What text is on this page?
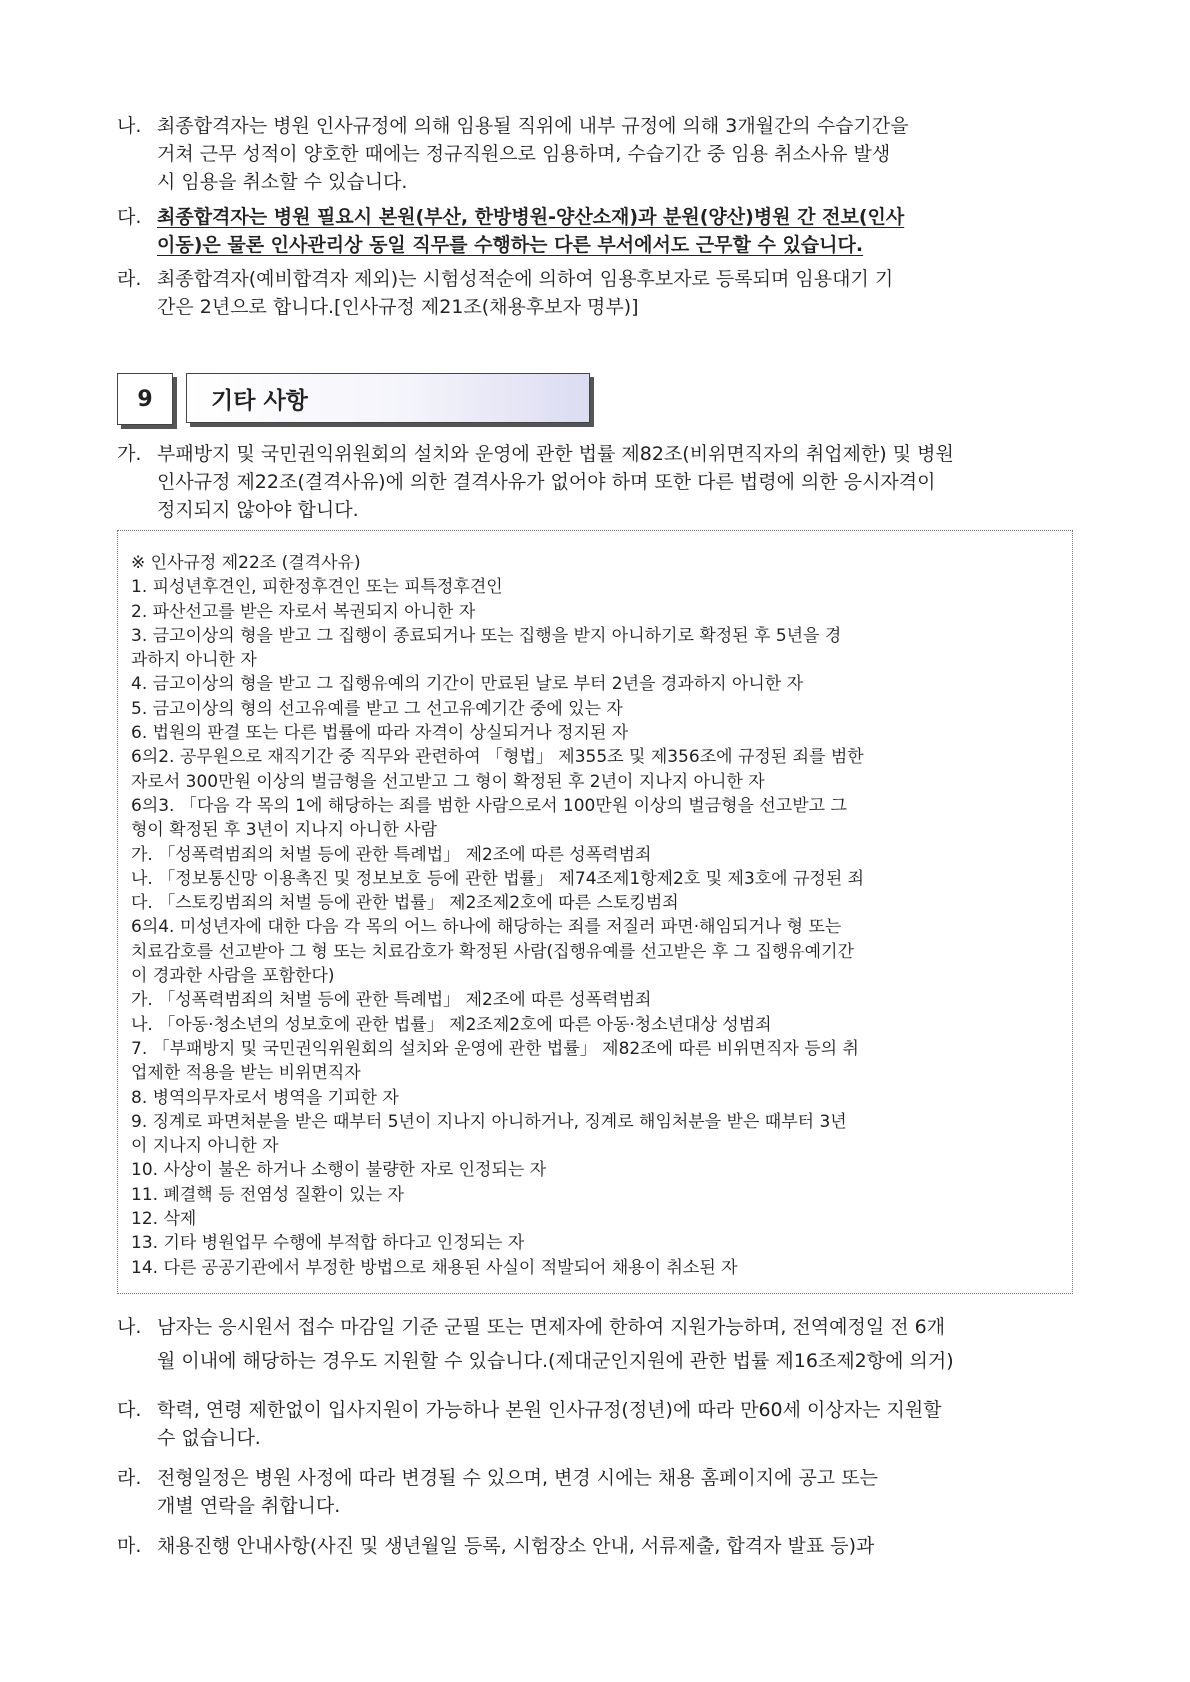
나. 최종합격자는 병원 인사규정에 의해 임용될 직위에 내부 규정에 의해 3개월간의 수습기간을
거쳐 근무 성적이 양호한 때에는 정규직원으로 임용하며, 수습기간 중 임용 취소사유 발생
시 임용을 취소할 수 있습니다.
다. 최종합격자는 병원 필요시 본원(부산, 한방병원-양산소재)과 분원(양산)병원 간 전보(인사
이동)은 물론 인사관리상 동일 직무를 수행하는 다른 부서에서도 근무할 수 있습니다.
라. 최종합격자(예비합격자 제외)는 시험성적순에 의하여 임용후보자로 등록되며 임용대기 기
간은 2년으로 합니다.[인사규정 제21조(채용후보자 명부)]
9	기타 사항
가. 부패방지 및 국민권익위원회의 설치와 운영에 관한 법률 제82조(비위면직자의 취업제한) 및 병원
인사규정 제22조(결격사유)에 의한 결격사유가 없어야 하며 또한 다른 법령에 의한 응시자격이
정지되지 않아야 합니다.
※ 인사규정 제22조 (결격사유)
1. 피성년후견인, 피한정후견인 또는 피특정후견인
2. 파산선고를 받은 자로서 복권되지 아니한 자
3. 금고이상의 형을 받고 그 집행이 종료되거나 또는 집행을 받지 아니하기로 확정된 후 5년을 경
과하지 아니한 자
4. 금고이상의 형을 받고 그 집행유예의 기간이 만료된 날로 부터 2년을 경과하지 아니한 자
5. 금고이상의 형의 선고유예를 받고 그 선고유예기간 중에 있는 자
6. 법원의 판결 또는 다른 법률에 따라 자격이 상실되거나 정지된 자
6의2. 공무원으로 재직기간 중 직무와 관련하여 「형법」 제355조 및 제356조에 규정된 죄를 범한
자로서 300만원 이상의 벌금형을 선고받고 그 형이 확정된 후 2년이 지나지 아니한 자
6의3. 「다음 각 목의 1에 해당하는 죄를 범한 사람으로서 100만원 이상의 벌금형을 선고받고 그
형이 확정된 후 3년이 지나지 아니한 사람
가. 「성폭력범죄의 처벌 등에 관한 특례법」 제2조에 따른 성폭력범죄
나. 「정보통신망 이용촉진 및 정보보호 등에 관한 법률」 제74조제1항제2호 및 제3호에 규정된 죄
다. 「스토킹범죄의 처벌 등에 관한 법률」 제2조제2호에 따른 스토킹범죄
6의4. 미성년자에 대한 다음 각 목의 어느 하나에 해당하는 죄를 저질러 파면·해임되거나 형 또는
치료감호를 선고받아 그 형 또는 치료감호가 확정된 사람(집행유예를 선고받은 후 그 집행유예기간
이 경과한 사람을 포함한다)
가. 「성폭력범죄의 처벌 등에 관한 특례법」 제2조에 따른 성폭력범죄
나. 「아동·청소년의 성보호에 관한 법률」 제2조제2호에 따른 아동·청소년대상 성범죄
7. 「부패방지 및 국민권익위원회의 설치와 운영에 관한 법률」 제82조에 따른 비위면직자 등의 취
업제한 적용을 받는 비위면직자
8. 병역의무자로서 병역을 기피한 자
9. 징계로 파면처분을 받은 때부터 5년이 지나지 아니하거나, 징계로 해임처분을 받은 때부터 3년
이 지나지 아니한 자
10. 사상이 불온 하거나 소행이 불량한 자로 인정되는 자
11. 폐결핵 등 전염성 질환이 있는 자
12. 삭제
13. 기타 병원업무 수행에 부적합 하다고 인정되는 자
14. 다른 공공기관에서 부정한 방법으로 채용된 사실이 적발되어 채용이 취소된 자
나. 남자는 응시원서 접수 마감일 기준 군필 또는 면제자에 한하여 지원가능하며, 전역예정일 전 6개
월 이내에 해당하는 경우도 지원할 수 있습니다.(제대군인지원에 관한 법률 제16조제2항에 의거)
다. 학력, 연령 제한없이 입사지원이 가능하나 본원 인사규정(정년)에 따라 만60세 이상자는 지원할
수 없습니다.
라. 전형일정은 병원 사정에 따라 변경될 수 있으며, 변경 시에는 채용 홈페이지에 공고 또는
개별 연락을 취합니다.
마. 채용진행 안내사항(사진 및 생년월일 등록, 시험장소 안내, 서류제출, 합격자 발표 등)과
